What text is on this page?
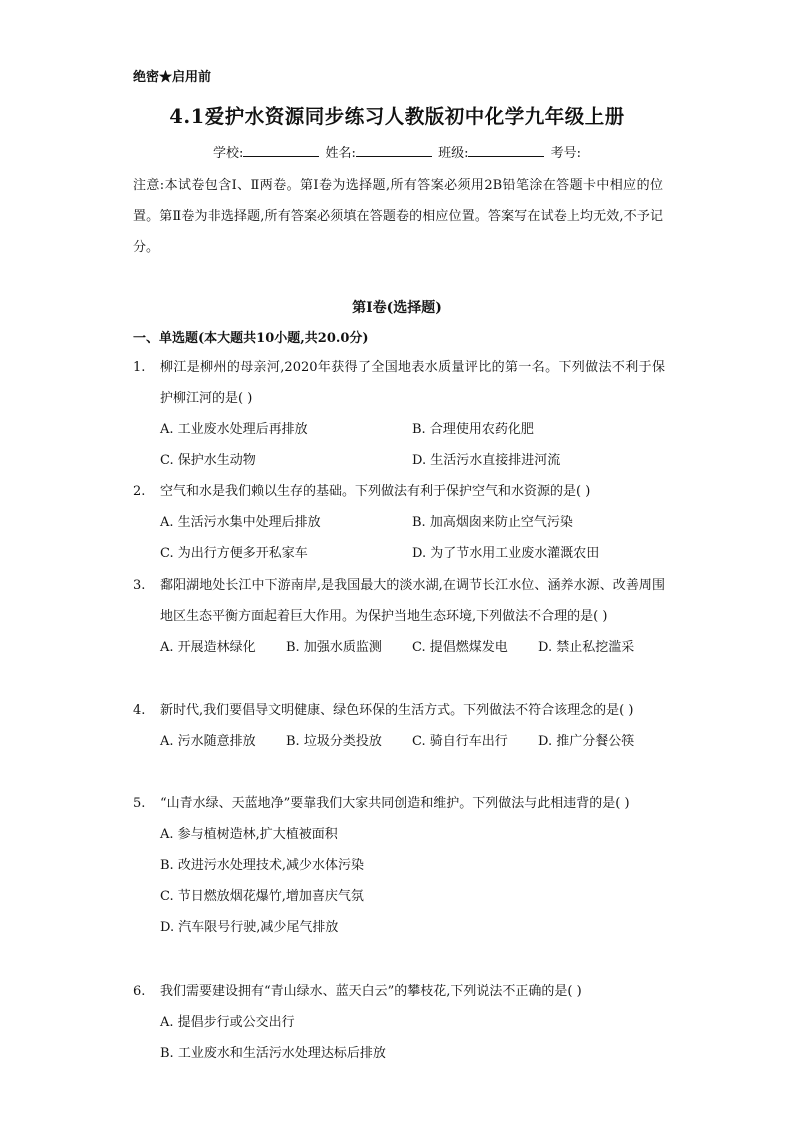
绝密★启用前
4.1爱护水资源同步练习人教版初中化学九年级上册
学校:	姓名:	班级:	考号:
注意:本试卷包含Ⅰ、Ⅱ两卷。第Ⅰ卷为选择题,所有答案必须用2B铅笔涂在答题卡中相应的位置。第Ⅱ卷为非选择题,所有答案必须填在答题卷的相应位置。答案写在试卷上均无效,不予记分。
第Ⅰ卷(选择题)
一、单选题(本大题共10小题,共20.0分)
1.	柳江是柳州的母亲河,2020年获得了全国地表水质量评比的第一名。下列做法不利于保护柳江河的是( )
A. 工业废水处理后再排放	B. 合理使用农药化肥
C. 保护水生动物	D. 生活污水直接排进河流
2.	空气和水是我们赖以生存的基础。下列做法有利于保护空气和水资源的是( )
A. 生活污水集中处理后排放	B. 加高烟囱来防止空气污染
C. 为出行方便多开私家车	D. 为了节水用工业废水灌溉农田
3.	鄱阳湖地处长江中下游南岸,是我国最大的淡水湖,在调节长江水位、涵养水源、改善周围地区生态平衡方面起着巨大作用。为保护当地生态环境,下列做法不合理的是( )
A. 开展造林绿化 B. 加强水质监测 C. 提倡燃煤发电 D. 禁止私挖滥采
4.	新时代,我们要倡导文明健康、绿色环保的生活方式。下列做法不符合该理念的是( )
A. 污水随意排放 B. 垃圾分类投放 C. 骑自行车出行 D. 推广分餐公筷
5.	“山青水绿、天蓝地净”要靠我们大家共同创造和维护。下列做法与此相违背的是( )
A. 参与植树造林,扩大植被面积
B. 改进污水处理技术,减少水体污染
C. 节日燃放烟花爆竹,增加喜庆气氛
D. 汽车限号行驶,减少尾气排放
6.	我们需要建设拥有“青山绿水、蓝天白云”的攀枝花,下列说法不正确的是( )
A. 提倡步行或公交出行
B. 工业废水和生活污水处理达标后排放
